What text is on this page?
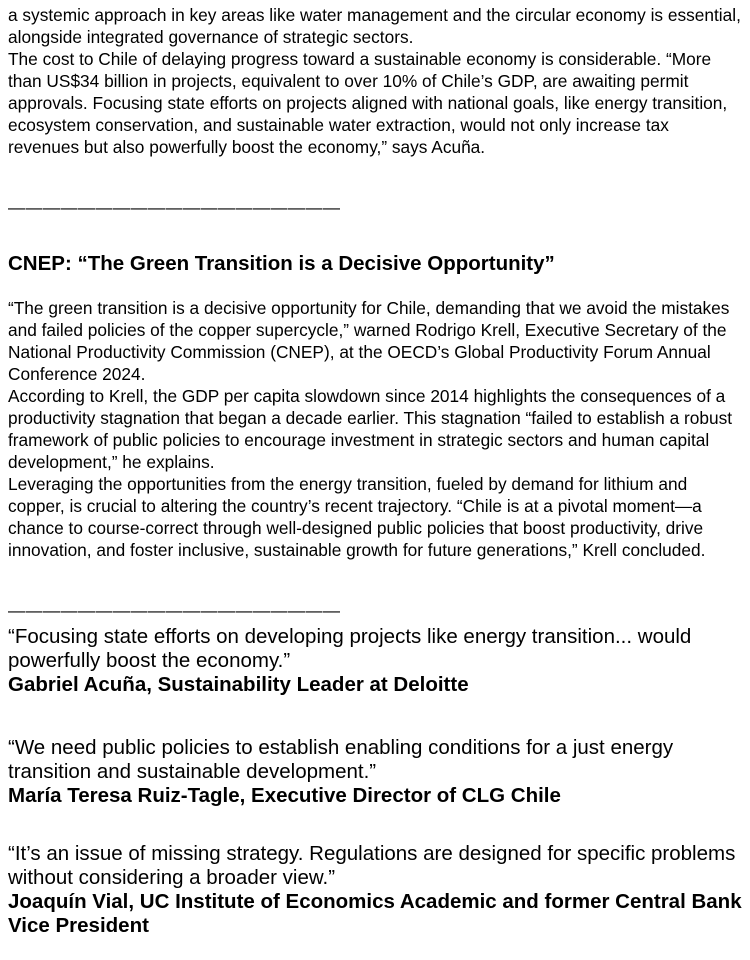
a systemic approach in key areas like water management and the circular economy is essential, alongside integrated governance of strategic sectors.

The cost to Chile of delaying progress toward a sustainable economy is considerable. “More than US$34 billion in projects, equivalent to over 10% of Chile’s GDP, are awaiting permit approvals. Focusing state efforts on projects aligned with national goals, like energy transition, ecosystem conservation, and sustainable water extraction, would not only increase tax revenues but also powerfully boost the economy,” says Acuña.

———————————————————
CNEP: “The Green Transition is a Decisive Opportunity”

“The green transition is a decisive opportunity for Chile, demanding that we avoid the mistakes and failed policies of the copper supercycle,” warned Rodrigo Krell, Executive Secretary of the National Productivity Commission (CNEP), at the OECD’s Global Productivity Forum Annual Conference 2024.

According to Krell, the GDP per capita slowdown since 2014 highlights the consequences of a productivity stagnation that began a decade earlier. This stagnation “failed to establish a robust framework of public policies to encourage investment in strategic sectors and human capital development,” he explains.

Leveraging the opportunities from the energy transition, fueled by demand for lithium and copper, is crucial to altering the country’s recent trajectory. “Chile is at a pivotal moment—a chance to course-correct through well-designed public policies that boost productivity, drive innovation, and foster inclusive, sustainable growth for future generations,” Krell concluded.

———————————————————

“Focusing state efforts on developing projects like energy transition... would powerfully boost the economy.”

Gabriel Acuña, Sustainability Leader at Deloitte

“We need public policies to establish enabling conditions for a just energy transition and sustainable development.”

María Teresa Ruiz-Tagle, Executive Director of CLG Chile

“It’s an issue of missing strategy. Regulations are designed for specific problems without considering a broader view.”

Joaquín Vial, UC Institute of Economics Academic and former Central Bank Vice President
